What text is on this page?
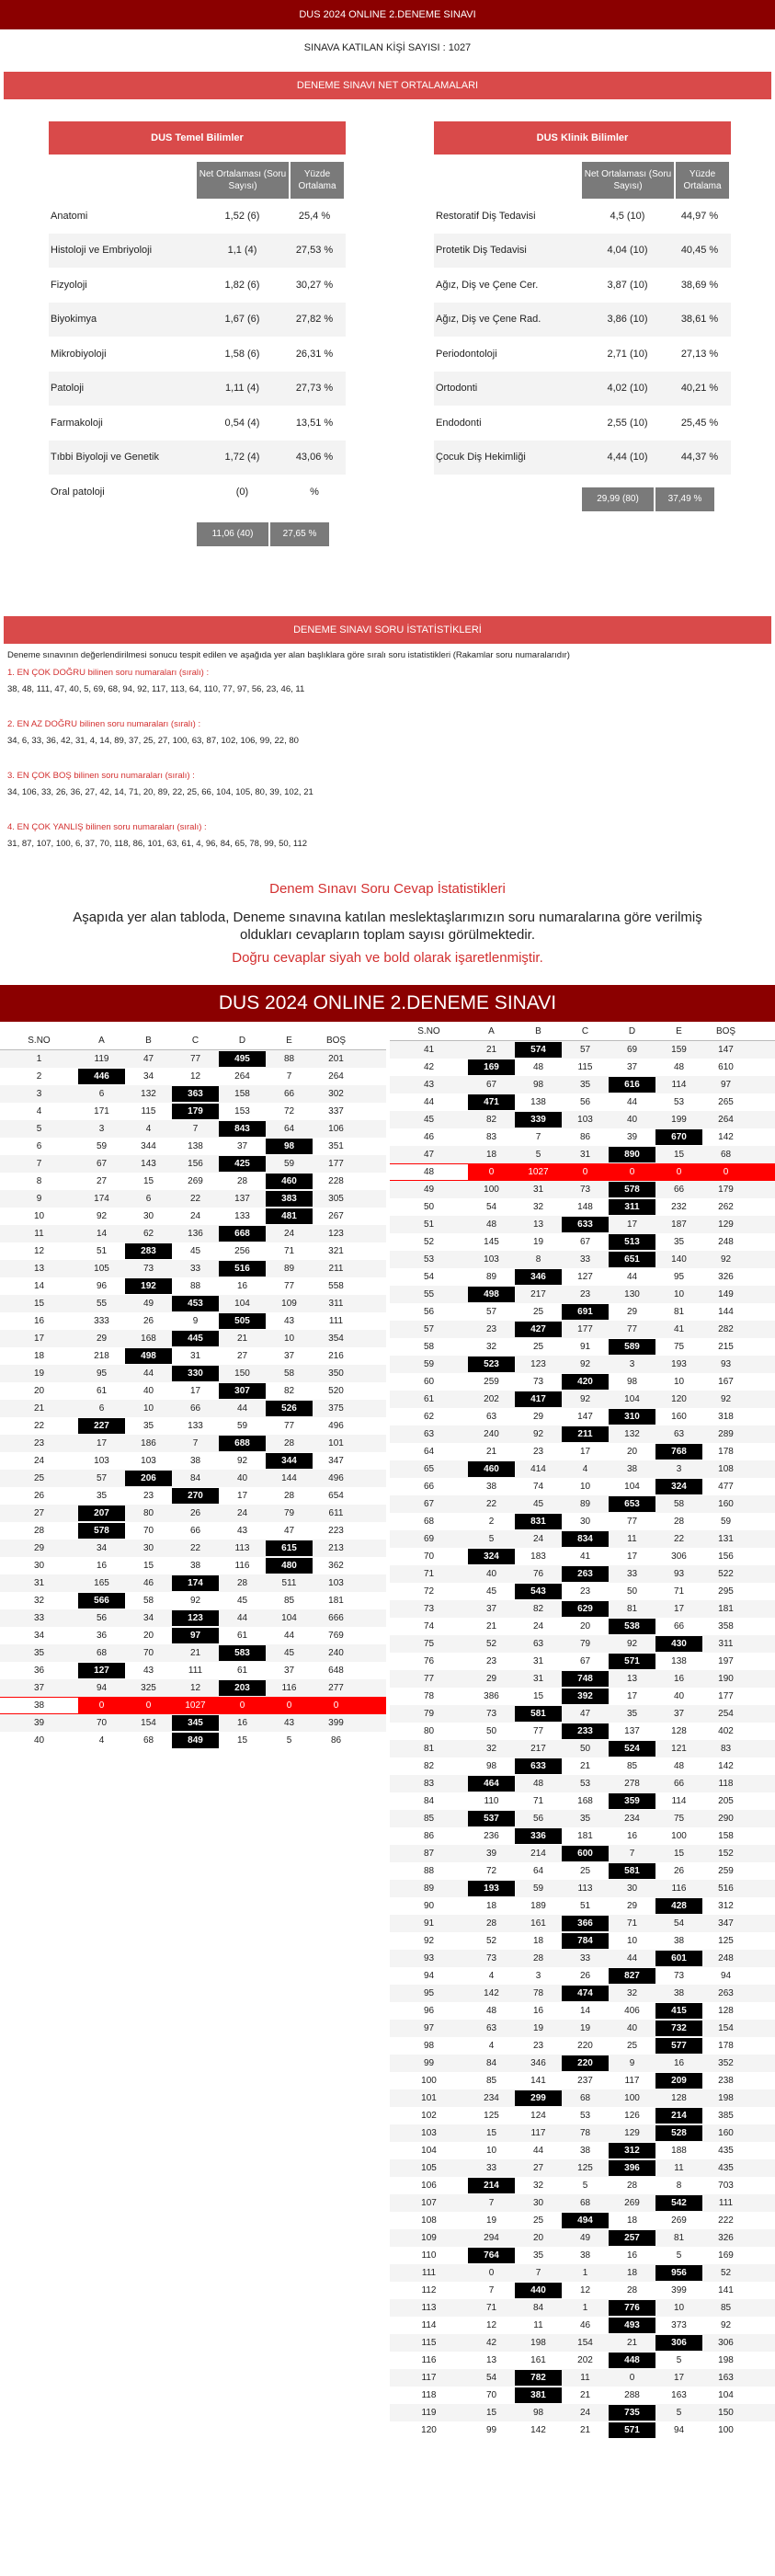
DUS 2024 ONLINE 2.DENEME SINAVI
SINAVA KATILAN KİŞİ SAYISI : 1027
DENEME SINAVI NET ORTALAMALARI
DUS Temel Bilimler
Net Ortalaması (Soru Sayısı)
Yüzde Ortalama
Anatomi	1,52 (6)	25,4 %
Histoloji ve Embriyoloji	1,1 (4)	27,53 %
Fizyoloji	1,82 (6)	30,27 %
Biyokimya	1,67 (6)	27,82 %
Mikrobiyoloji	1,58 (6)	26,31 %
Patoloji	1,11 (4)	27,73 %
Farmakoloji	0,54 (4)	13,51 %
Tıbbi Biyoloji ve Genetik	1,72 (4)	43,06 %
Oral patoloji	(0)	%
11,06 (40)	27,65 %
DUS Klinik Bilimler
Net Ortalaması (Soru Sayısı)
Yüzde Ortalama
Restoratif Diş Tedavisi	4,5 (10)	44,97 %
Protetik Diş Tedavisi	4,04 (10)	40,45 %
Ağız, Diş ve Çene Cer.	3,87 (10)	38,69 %
Ağız, Diş ve Çene Rad.	3,86 (10)	38,61 %
Periodontoloji	2,71 (10)	27,13 %
Ortodonti	4,02 (10)	40,21 %
Endodonti	2,55 (10)	25,45 %
Çocuk Diş Hekimliği	4,44 (10)	44,37 %
29,99 (80)	37,49 %
DENEME SINAVI SORU İSTATİSTİKLERİ
Deneme sınavının değerlendirilmesi sonucu tespit edilen ve aşağıda yer alan başlıklara göre sıralı soru istatistikleri (Rakamlar soru numaralarıdır)
1. EN ÇOK DOĞRU bilinen soru numaraları (sıralı) :
38, 48, 111, 47, 40, 5, 69, 68, 94, 92, 117, 113, 64, 110, 77, 97, 56, 23, 46, 11
2. EN AZ DOĞRU bilinen soru numaraları (sıralı) :
34, 6, 33, 36, 42, 31, 4, 14, 89, 37, 25, 27, 100, 63, 87, 102, 106, 99, 22, 80
3. EN ÇOK BOŞ bilinen soru numaraları (sıralı) :
34, 106, 33, 26, 36, 27, 42, 14, 71, 20, 89, 22, 25, 66, 104, 105, 80, 39, 102, 21
4. EN ÇOK YANLIŞ bilinen soru numaraları (sıralı) :
31, 87, 107, 100, 6, 37, 70, 118, 86, 101, 63, 61, 4, 96, 84, 65, 78, 99, 50, 112
Denem Sınavı Soru Cevap İstatistikleri
Aşapıda yer alan tabloda, Deneme sınavına katılan meslektaşlarımızın soru numaralarına göre verilmiş oldukları cevapların toplam sayısı görülmektedir.
Doğru cevaplar siyah ve bold olarak işaretlenmiştir.
DUS 2024 ONLINE 2.DENEME SINAVI
S.NO	A	B	C	D	E	BOŞ
1	119	47	77	495	88	201
2	446	34	12	264	7	264
3	6	132	363	158	66	302
4	171	115	179	153	72	337
5	3	4	7	843	64	106
6	59	344	138	37	98	351
7	67	143	156	425	59	177
8	27	15	269	28	460	228
9	174	6	22	137	383	305
10	92	30	24	133	481	267
11	14	62	136	668	24	123
12	51	283	45	256	71	321
13	105	73	33	516	89	211
14	96	192	88	16	77	558
15	55	49	453	104	109	311
16	333	26	9	505	43	111
17	29	168	445	21	10	354
18	218	498	31	27	37	216
19	95	44	330	150	58	350
20	61	40	17	307	82	520
21	6	10	66	44	526	375
22	227	35	133	59	77	496
23	17	186	7	688	28	101
24	103	103	38	92	344	347
25	57	206	84	40	144	496
26	35	23	270	17	28	654
27	207	80	26	24	79	611
28	578	70	66	43	47	223
29	34	30	22	113	615	213
30	16	15	38	116	480	362
31	165	46	174	28	511	103
32	566	58	92	45	85	181
33	56	34	123	44	104	666
34	36	20	97	61	44	769
35	68	70	21	583	45	240
36	127	43	111	61	37	648
37	94	325	12	203	116	277
38	0	0	1027	0	0	0
39	70	154	345	16	43	399
40	4	68	849	15	5	86
S.NO	A	B	C	D	E	BOŞ
41	21	574	57	69	159	147
42	169	48	115	37	48	610
43	67	98	35	616	114	97
44	471	138	56	44	53	265
45	82	339	103	40	199	264
46	83	7	86	39	670	142
47	18	5	31	890	15	68
48	0	1027	0	0	0	0
49	100	31	73	578	66	179
50	54	32	148	311	232	262
51	48	13	633	17	187	129
52	145	19	67	513	35	248
53	103	8	33	651	140	92
54	89	346	127	44	95	326
55	498	217	23	130	10	149
56	57	25	691	29	81	144
57	23	427	177	77	41	282
58	32	25	91	589	75	215
59	523	123	92	3	193	93
60	259	73	420	98	10	167
61	202	417	92	104	120	92
62	63	29	147	310	160	318
63	240	92	211	132	63	289
64	21	23	17	20	768	178
65	460	414	4	38	3	108
66	38	74	10	104	324	477
67	22	45	89	653	58	160
68	2	831	30	77	28	59
69	5	24	834	11	22	131
70	324	183	41	17	306	156
71	40	76	263	33	93	522
72	45	543	23	50	71	295
73	37	82	629	81	17	181
74	21	24	20	538	66	358
75	52	63	79	92	430	311
76	23	31	67	571	138	197
77	29	31	748	13	16	190
78	386	15	392	17	40	177
79	73	581	47	35	37	254
80	50	77	233	137	128	402
81	32	217	50	524	121	83
82	98	633	21	85	48	142
83	464	48	53	278	66	118
84	110	71	168	359	114	205
85	537	56	35	234	75	290
86	236	336	181	16	100	158
87	39	214	600	7	15	152
88	72	64	25	581	26	259
89	193	59	113	30	116	516
90	18	189	51	29	428	312
91	28	161	366	71	54	347
92	52	18	784	10	38	125
93	73	28	33	44	601	248
94	4	3	26	827	73	94
95	142	78	474	32	38	263
96	48	16	14	406	415	128
97	63	19	19	40	732	154
98	4	23	220	25	577	178
99	84	346	220	9	16	352
100	85	141	237	117	209	238
101	234	299	68	100	128	198
102	125	124	53	126	214	385
103	15	117	78	129	528	160
104	10	44	38	312	188	435
105	33	27	125	396	11	435
106	214	32	5	28	8	703
107	7	30	68	269	542	111
108	19	25	494	18	269	222
109	294	20	49	257	81	326
110	764	35	38	16	5	169
111	0	7	1	18	956	52
112	7	440	12	28	399	141
113	71	84	1	776	10	85
114	12	11	46	493	373	92
115	42	198	154	21	306	306
116	13	161	202	448	5	198
117	54	782	11	0	17	163
118	70	381	21	288	163	104
119	15	98	24	735	5	150
120	99	142	21	571	94	100
